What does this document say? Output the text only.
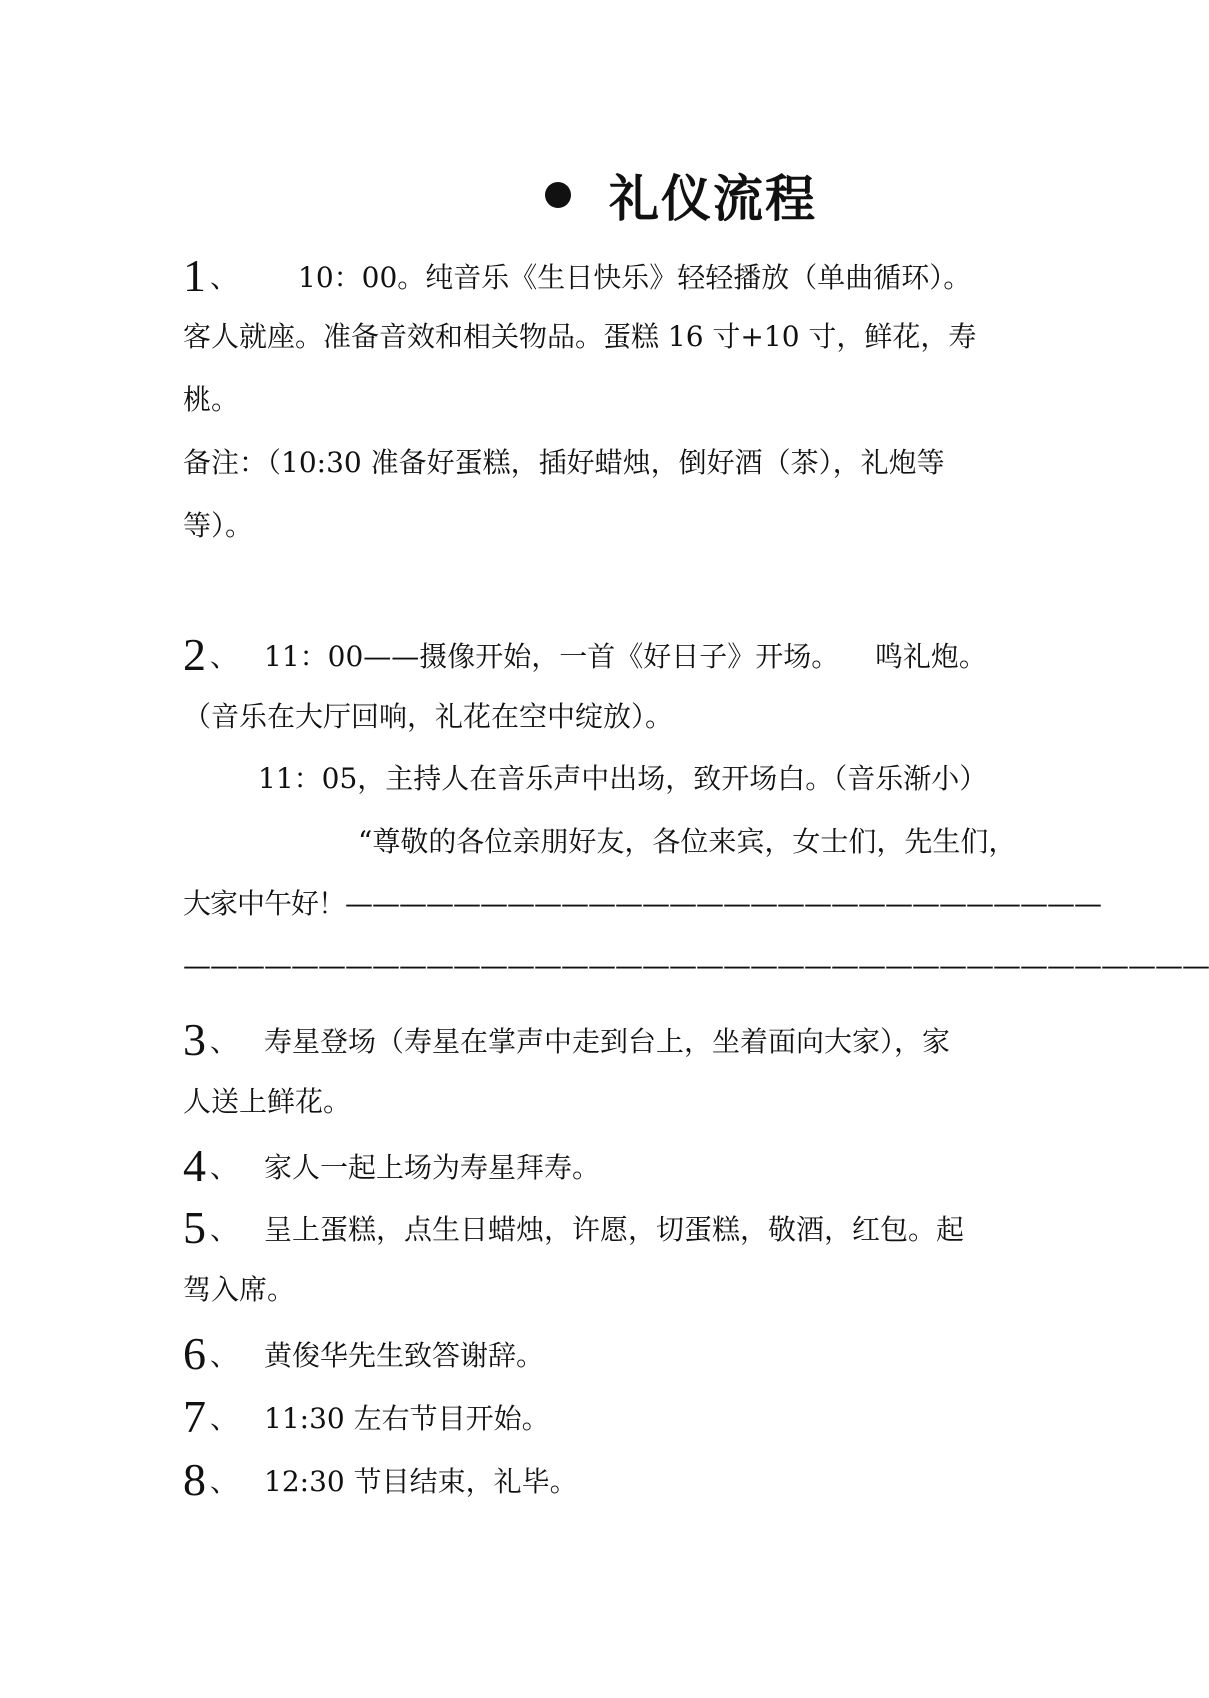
礼仪流程
1 、 10：00。纯音乐《生日快乐》轻轻播放（单曲循环）。
客人就座。准备音效和相关物品。蛋糕 16 寸+10 寸，鲜花，寿
桃。
备注：（10:30 准备好蛋糕，插好蜡烛，倒好酒（茶），礼炮等
等）。
2 、 11：00——摄像开始，一首《好日子》开场。    鸣礼炮。
（音乐在大厅回响，礼花在空中绽放）。
11：05，主持人在音乐声中出场，致开场白。（音乐渐小）
“尊敬的各位亲朋好友，各位来宾，女士们，先生们，
大家中午好！————————————————————————————
——————————————————————————————————————
3 、 寿星登场（寿星在掌声中走到台上，坐着面向大家），家
人送上鲜花。
4 、 家人一起上场为寿星拜寿。
5 、 呈上蛋糕，点生日蜡烛，许愿，切蛋糕，敬酒，红包。起
驾入席。
6 、 黄俊华先生致答谢辞。
7 、 11:30 左右节目开始。
8 、 12:30 节目结束，礼毕。
